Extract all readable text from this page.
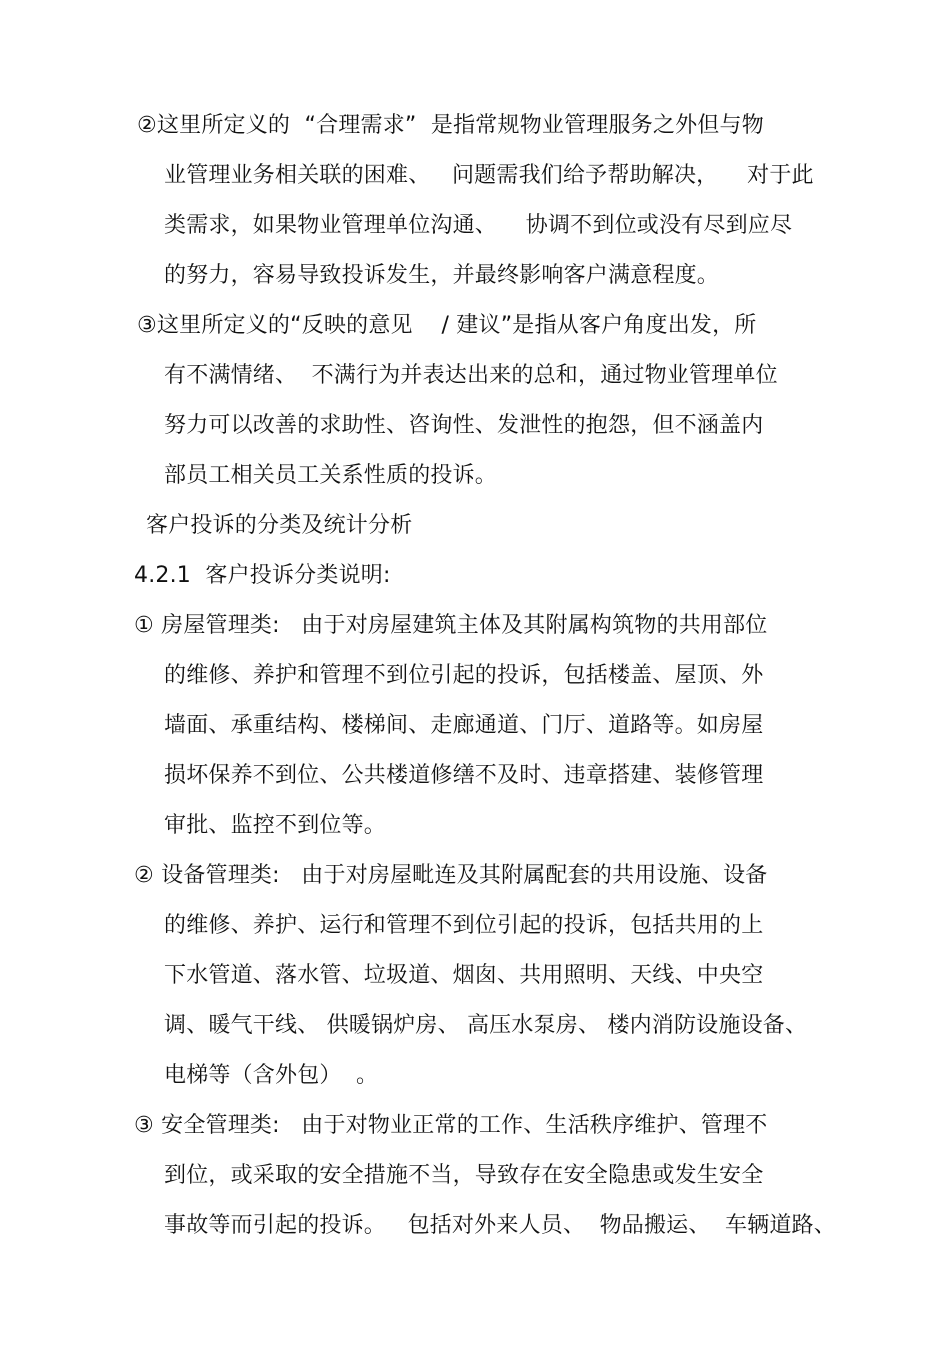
②这里所定义的  “合理需求”  是指常规物业管理服务之外但与物
业管理业务相关联的困难、   问题需我们给予帮助解决，    对于此
类需求，如果物业管理单位沟通、    协调不到位或没有尽到应尽
的努力，容易导致投诉发生，并最终影响客户满意程度。
③这里所定义的“反映的意见    / 建议”是指从客户角度出发，所
有不满情绪、  不满行为并表达出来的总和，通过物业管理单位
努力可以改善的求助性、咨询性、发泄性的抱怨，但不涵盖内
部员工相关员工关系性质的投诉。
客户投诉的分类及统计分析
4.2.1  客户投诉分类说明:
① 房屋管理类:   由于对房屋建筑主体及其附属构筑物的共用部位
的维修、养护和管理不到位引起的投诉，包括楼盖、屋顶、外
墙面、承重结构、楼梯间、走廊通道、门厅、道路等。如房屋
损坏保养不到位、公共楼道修缮不及时、违章搭建、装修管理
审批、监控不到位等。
② 设备管理类:   由于对房屋毗连及其附属配套的共用设施、设备
的维修、养护、运行和管理不到位引起的投诉，包括共用的上
下水管道、落水管、垃圾道、烟囱、共用照明、天线、中央空
调、暖气干线、 供暖锅炉房、 高压水泵房、 楼内消防设施设备、
电梯等（含外包）  。
③ 安全管理类:   由于对物业正常的工作、生活秩序维护、管理不
到位，或采取的安全措施不当，导致存在安全隐患或发生安全
事故等而引起的投诉。   包括对外来人员、  物品搬运、  车辆道路、
